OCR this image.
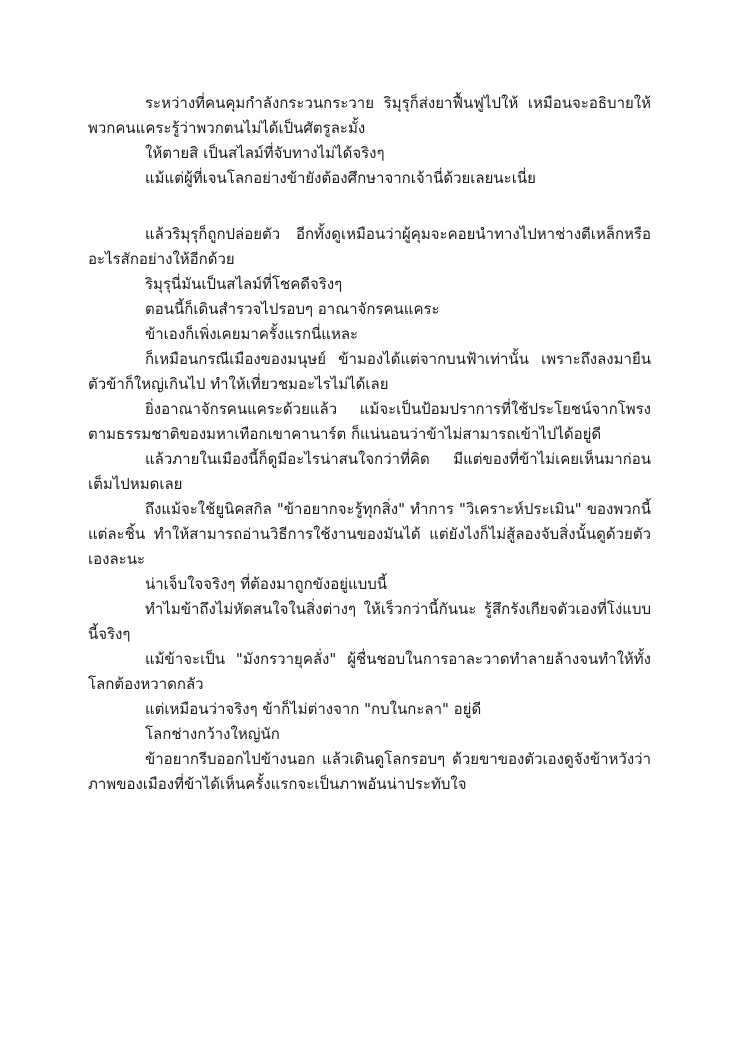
ระหว่างที่คนคุมกำลังกระวนกระวาย ริมุรุก็ส่งยาฟื้นฟูไปให้ เหมือนจะอธิบายให้พวกคนแคระรู้ว่าพวกตนไม่ได้เป็นศัตรูละมั้ง

ให้ตายสิ เป็นสไลม์ที่จับทางไม่ได้จริงๆ

แม้แต่ผู้ที่เจนโลกอย่างข้ายังต้องศึกษาจากเจ้านี่ด้วยเลยนะเนี่ย

แล้วริมุรุก็ถูกปล่อยตัว อีกทั้งดูเหมือนว่าผู้คุมจะคอยนำทางไปหาช่างตีเหล็กหรืออะไรสักอย่างให้อีกด้วย

ริมุรุนี่มันเป็นสไลม์ที่โชคดีจริงๆ

ตอนนี้ก็เดินสำรวจไปรอบๆ อาณาจักรคนแคระ

ข้าเองก็เพิ่งเคยมาครั้งแรกนี่แหละ

ก็เหมือนกรณีเมืองของมนุษย์ ข้ามองได้แต่จากบนฟ้าเท่านั้น เพราะถึงลงมายืนตัวข้าก็ใหญ่เกินไป ทำให้เที่ยวชมอะไรไม่ได้เลย

ยิ่งอาณาจักรคนแคระด้วยแล้ว แม้จะเป็นป้อมปราการที่ใช้ประโยชน์จากโพรงตามธรรมชาติของมหาเทือกเขาคานาร์ต ก็แน่นอนว่าข้าไม่สามารถเข้าไปได้อยู่ดี

แล้วภายในเมืองนี้ก็ดูมีอะไรน่าสนใจกว่าที่คิด มีแต่ของที่ข้าไม่เคยเห็นมาก่อนเต็มไปหมดเลย

ถึงแม้จะใช้ยูนิคสกิล "ข้าอยากจะรู้ทุกสิ่ง" ทำการ "วิเคราะห์ประเมิน" ของพวกนี้แต่ละชิ้น ทำให้สามารถอ่านวิธีการใช้งานของมันได้ แต่ยังไงก็ไม่สู้ลองจับสิ่งนั้นดูด้วยตัวเองละนะ

น่าเจ็บใจจริงๆ ที่ต้องมาถูกขังอยู่แบบนี้

ทำไมข้าถึงไม่หัดสนใจในสิ่งต่างๆ ให้เร็วกว่านี้กันนะ รู้สึกรังเกียจตัวเองที่โง่แบบนี้จริงๆ

แม้ข้าจะเป็น "มังกรวายุคลั่ง" ผู้ชื่นชอบในการอาละวาดทำลายล้างจนทำให้ทั้งโลกต้องหวาดกลัว

แต่เหมือนว่าจริงๆ ข้าก็ไม่ต่างจาก "กบในกะลา" อยู่ดี

โลกช่างกว้างใหญ่นัก

ข้าอยากรีบออกไปข้างนอก แล้วเดินดูโลกรอบๆ ด้วยขาของตัวเองดูจังข้าหวังว่าภาพของเมืองที่ข้าได้เห็นครั้งแรกจะเป็นภาพอันน่าประทับใจ
